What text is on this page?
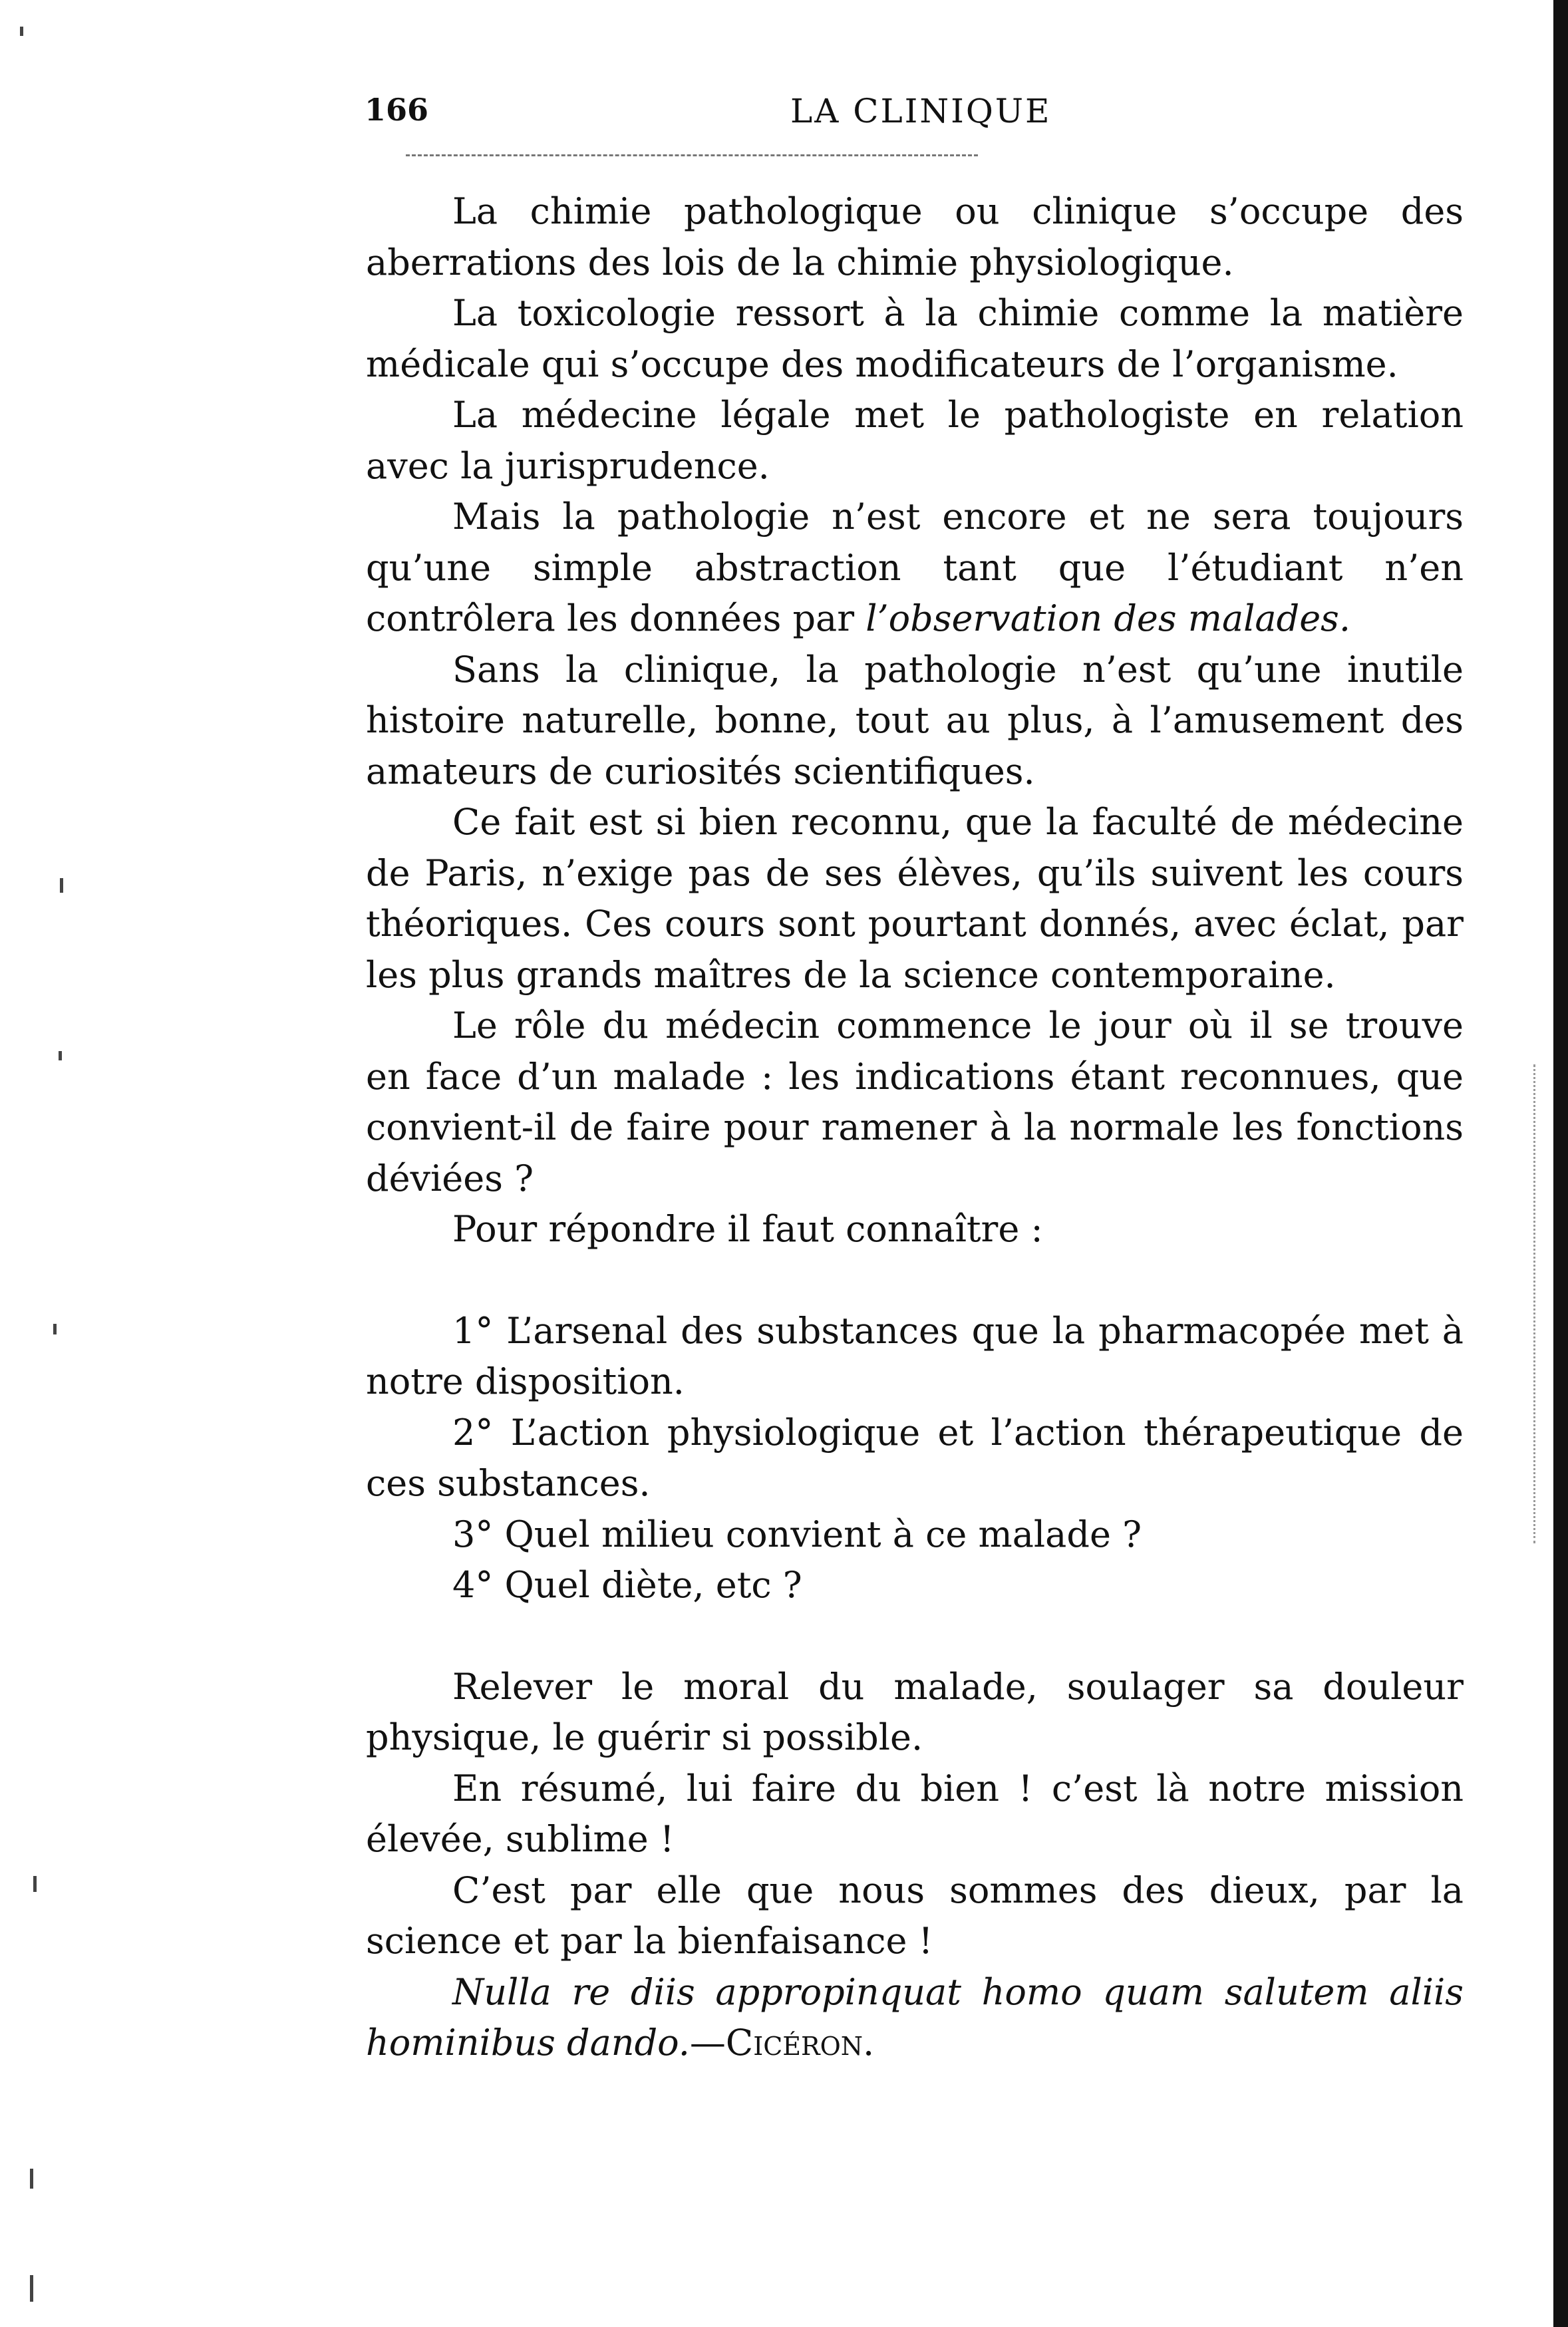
166	LA CLINIQUE

La chimie pathologique ou clinique s’occupe des aberrations des lois de la chimie physiologique.

La toxicologie ressort à la chimie comme la matière médicale qui s’occupe des modificateurs de l’organisme.

La médecine légale met le pathologiste en relation avec la jurisprudence.

Mais la pathologie n’est encore et ne sera toujours qu’une simple abstraction tant que l’étudiant n’en contrôlera les données par l’observation des malades.

Sans la clinique, la pathologie n’est qu’une inutile histoire naturelle, bonne, tout au plus, à l’amusement des amateurs de curiosités scientifiques.

Ce fait est si bien reconnu, que la faculté de médecine de Paris, n’exige pas de ses élèves, qu’ils suivent les cours théoriques. Ces cours sont pourtant donnés, avec éclat, par les plus grands maîtres de la science contemporaine.

Le rôle du médecin commence le jour où il se trouve en face d’un malade : les indications étant reconnues, que convient-il de faire pour ramener à la normale les fonctions déviées ?

Pour répondre il faut connaître :

1° L’arsenal des substances que la pharmacopée met à notre disposition.

2° L’action physiologique et l’action thérapeutique de ces substances.

3° Quel milieu convient à ce malade ?

4° Quel diète, etc ?

Relever le moral du malade, soulager sa douleur physique, le guérir si possible.

En résumé, lui faire du bien ! c’est là notre mission élevée, sublime !

C’est par elle que nous sommes des dieux, par la science et par la bienfaisance !

Nulla re diis appropinquat homo quam salutem aliis hominibus dando.—Cicéron.
